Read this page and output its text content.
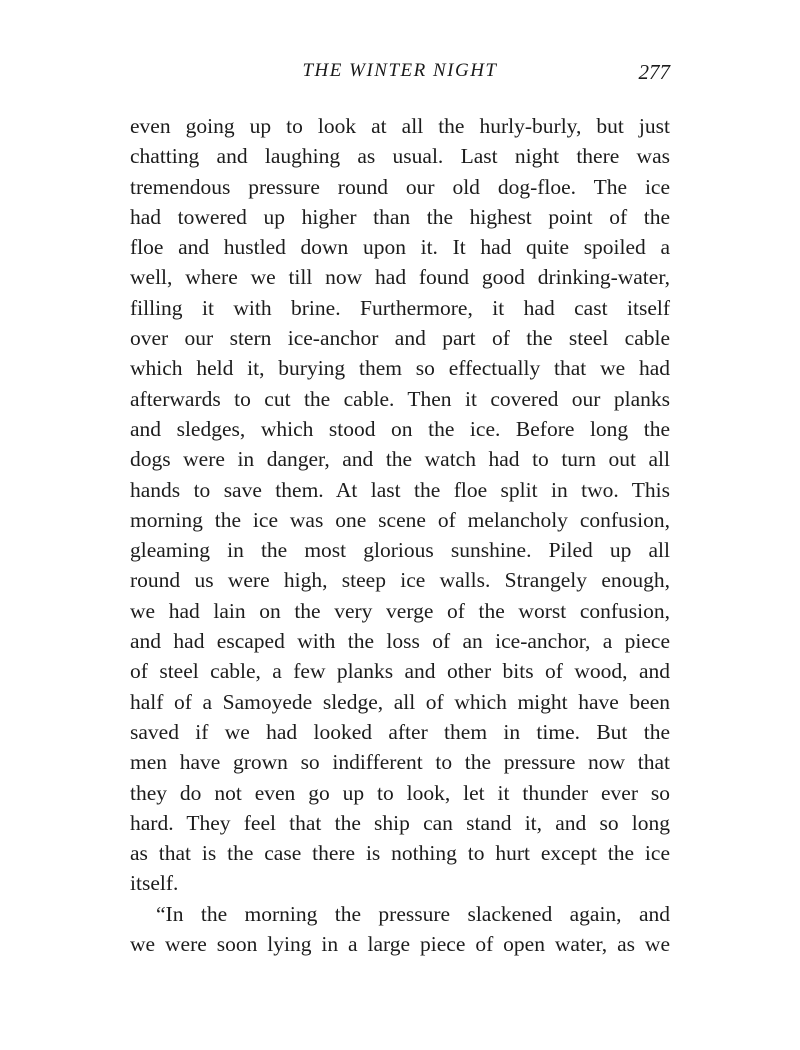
THE WINTER NIGHT	277
even going up to look at all the hurly-burly, but just
chatting and laughing as usual. Last night there was
tremendous pressure round our old dog-floe. The ice
had towered up higher than the highest point of the
floe and hustled down upon it. It had quite spoiled a
well, where we till now had found good drinking-water,
filling it with brine. Furthermore, it had cast itself
over our stern ice-anchor and part of the steel cable
which held it, burying them so effectually that we had
afterwards to cut the cable. Then it covered our planks
and sledges, which stood on the ice. Before long the
dogs were in danger, and the watch had to turn out all
hands to save them. At last the floe split in two. This
morning the ice was one scene of melancholy confusion,
gleaming in the most glorious sunshine. Piled up all
round us were high, steep ice walls. Strangely enough,
we had lain on the very verge of the worst confusion,
and had escaped with the loss of an ice-anchor, a piece
of steel cable, a few planks and other bits of wood, and
half of a Samoyede sledge, all of which might have been
saved if we had looked after them in time. But the
men have grown so indifferent to the pressure now that
they do not even go up to look, let it thunder ever so
hard. They feel that the ship can stand it, and so long
as that is the case there is nothing to hurt except the ice
itself.
“In the morning the pressure slackened again, and
we were soon lying in a large piece of open water, as we
